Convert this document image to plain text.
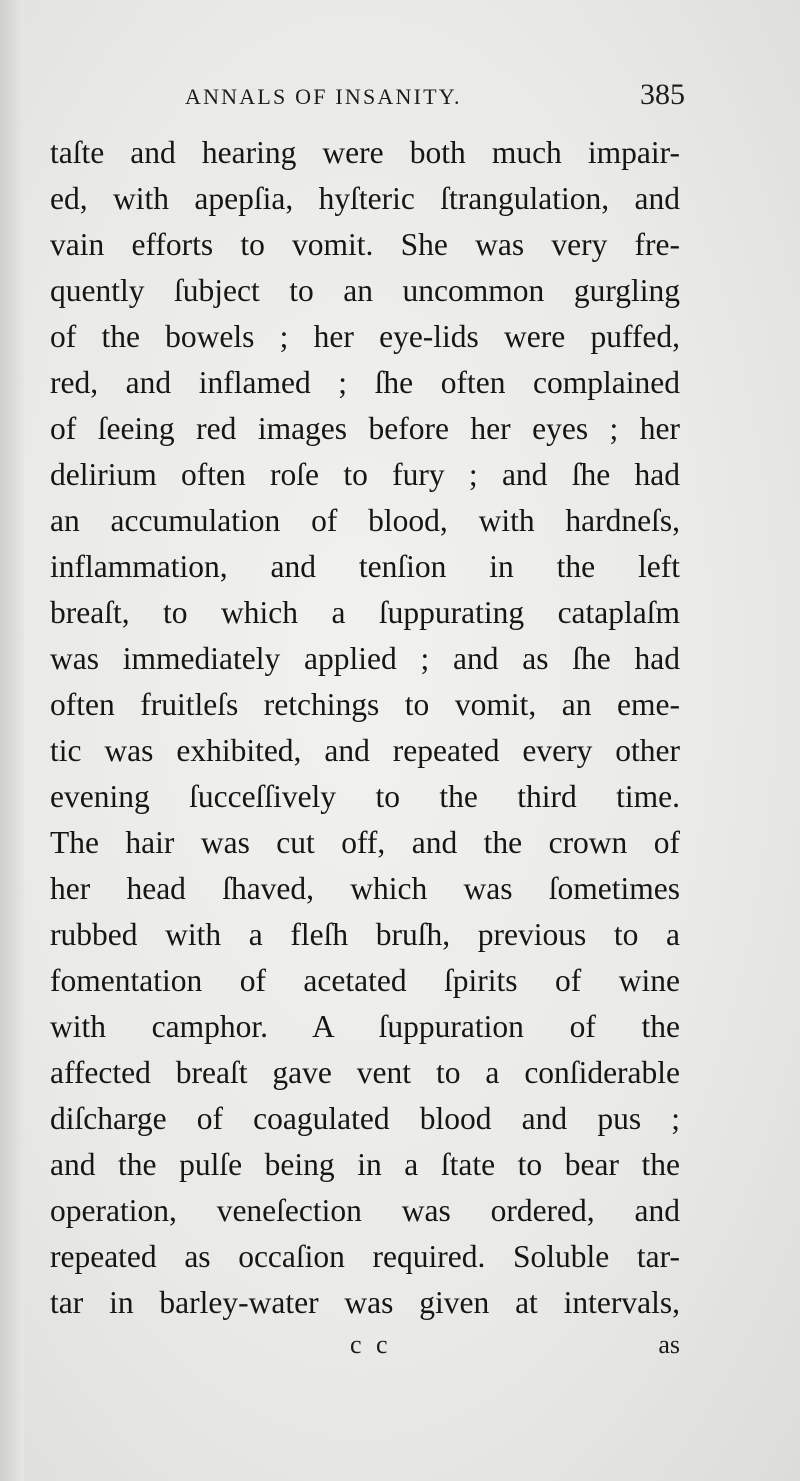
ANNALS OF INSANITY.	385
taſte and hearing were both much impair-
ed, with apepſia, hyſteric ſtrangulation, and
vain efforts to vomit. She was very fre-
quently ſubject to an uncommon gurgling
of the bowels ; her eye-lids were puffed,
red, and inflamed ; ſhe often complained
of ſeeing red images before her eyes ; her
delirium often roſe to fury ; and ſhe had
an accumulation of blood, with hardneſs,
inflammation, and tenſion in the left
breaſt, to which a ſuppurating cataplaſm
was immediately applied ; and as ſhe had
often fruitleſs retchings to vomit, an eme-
tic was exhibited, and repeated every other
evening ſucceſſively to the third time.
The hair was cut off, and the crown of
her head ſhaved, which was ſometimes
rubbed with a fleſh bruſh, previous to a
fomentation of acetated ſpirits of wine
with camphor. A ſuppuration of the
affected breaſt gave vent to a conſiderable
diſcharge of coagulated blood and pus ;
and the pulſe being in a ſtate to bear the
operation, veneſection was ordered, and
repeated as occaſion required. Soluble tar-
tar in barley-water was given at intervals,
c c	as
